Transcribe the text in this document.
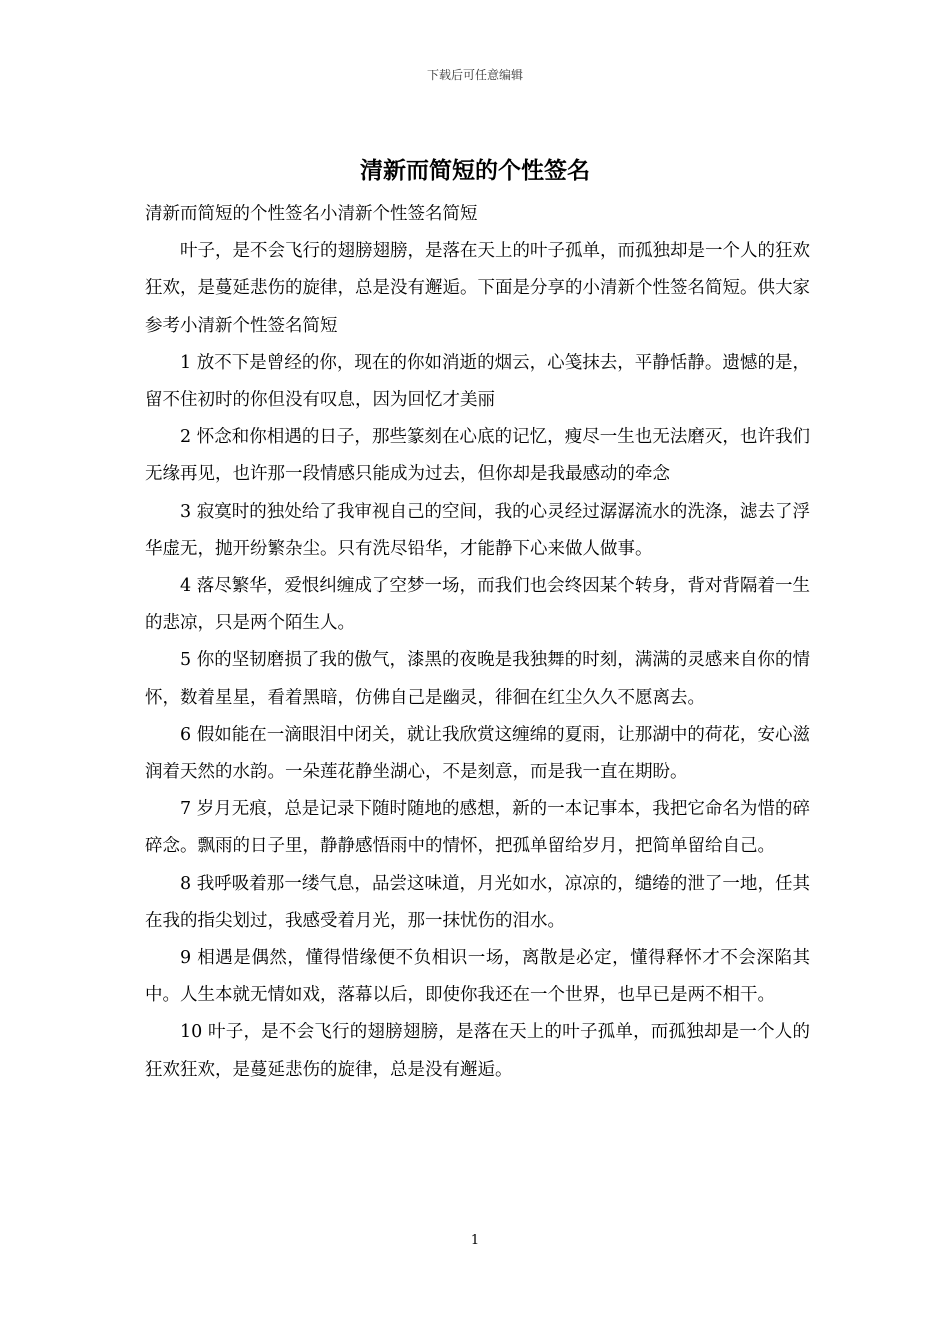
下载后可任意编辑
清新而简短的个性签名

清新而简短的个性签名小清新个性签名简短

叶子，是不会飞行的翅膀翅膀，是落在天上的叶子孤单，而孤独却是一个人的狂欢狂欢，是蔓延悲伤的旋律，总是没有邂逅。下面是分享的小清新个性签名简短。供大家参考小清新个性签名简短

1 放不下是曾经的你，现在的你如消逝的烟云，心笺抹去，平静恬静。遗憾的是，留不住初时的你但没有叹息，因为回忆才美丽

2 怀念和你相遇的日子，那些篆刻在心底的记忆，瘦尽一生也无法磨灭，也许我们无缘再见，也许那一段情感只能成为过去，但你却是我最感动的牵念

3 寂寞时的独处给了我审视自己的空间，我的心灵经过潺潺流水的洗涤，滤去了浮华虚无，抛开纷繁杂尘。只有洗尽铅华，才能静下心来做人做事。

4 落尽繁华，爱恨纠缠成了空梦一场，而我们也会终因某个转身，背对背隔着一生的悲凉，只是两个陌生人。

5 你的坚韧磨损了我的傲气，漆黑的夜晚是我独舞的时刻，满满的灵感来自你的情怀，数着星星，看着黑暗，仿佛自己是幽灵，徘徊在红尘久久不愿离去。

6 假如能在一滴眼泪中闭关，就让我欣赏这缠绵的夏雨，让那湖中的荷花，安心滋润着天然的水韵。一朵莲花静坐湖心，不是刻意，而是我一直在期盼。

7 岁月无痕，总是记录下随时随地的感想，新的一本记事本，我把它命名为惜的碎碎念。飘雨的日子里，静静感悟雨中的情怀，把孤单留给岁月，把简单留给自己。

8 我呼吸着那一缕气息，品尝这味道，月光如水，凉凉的，缱绻的泄了一地，任其在我的指尖划过，我感受着月光，那一抹忧伤的泪水。

9 相遇是偶然，懂得惜缘便不负相识一场，离散是必定，懂得释怀才不会深陷其中。人生本就无情如戏，落幕以后，即使你我还在一个世界，也早已是两不相干。

10 叶子，是不会飞行的翅膀翅膀，是落在天上的叶子孤单，而孤独却是一个人的狂欢狂欢，是蔓延悲伤的旋律，总是没有邂逅。

1
